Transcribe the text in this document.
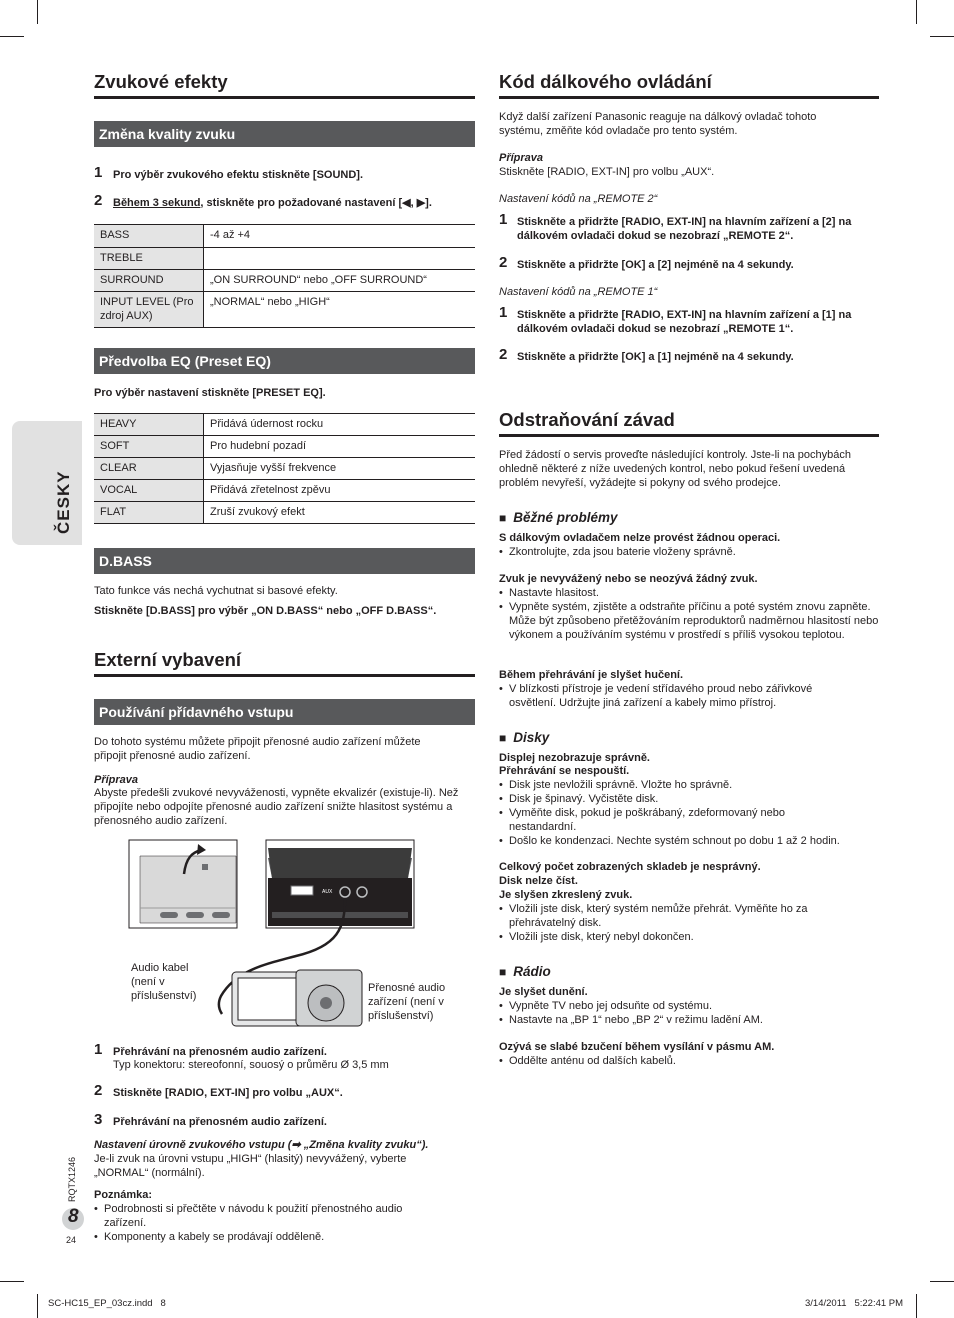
ČESKY
Zvukové efekty
Změna kvality zvuku
1 Pro výběr zvukového efektu stiskněte [SOUND].
2 Během 3 sekund, stiskněte pro požadované nastavení [◀, ▶].
BASS	-4 až +4
TREBLE	
SURROUND	„ON SURROUND“ nebo „OFF SURROUND“
INPUT LEVEL (Pro zdroj AUX)	„NORMAL“ nebo „HIGH“
Předvolba EQ (Preset EQ)
Pro výběr nastavení stiskněte [PRESET EQ].
HEAVY	Přidává údernost rocku
SOFT	Pro hudební pozadí
CLEAR	Vyjasňuje vyšší frekvence
VOCAL	Přidává zřetelnost zpěvu
FLAT	Zruší zvukový efekt
D.BASS
Tato funkce vás nechá vychutnat si basové efekty.
Stiskněte [D.BASS] pro výběr „ON D.BASS“ nebo „OFF D.BASS“.
Externí vybavení
Používání přídavného vstupu
Do tohoto systému můžete připojit přenosné audio zařízení můžete připojit přenosné audio zařízení.
Příprava
Abyste předešli zvukové nevyváženosti, vypněte ekvalizér (existuje-li). Než připojíte nebo odpojíte přenosné audio zařízení snižte hlasitost systému a přenosného audio zařízení.
AUX
Audio kabel (není v příslušenství)
Přenosné audio zařízení (není v příslušenství)
1 Přehrávání na přenosném audio zařízení.
Typ konektoru: stereofonní, souosý o průměru Ø 3,5 mm
2 Stiskněte [RADIO, EXT-IN] pro volbu „AUX“.
3 Přehrávání na přenosném audio zařízení.
Nastavení úrovně zvukového vstupu (➡ „Změna kvality zvuku“).
Je-li zvuk na úrovni vstupu „HIGH“ (hlasitý) nevyvážený, vyberte „NORMAL“ (normální).
Poznámka:
• Podrobnosti si přečtěte v návodu k použití přenostného audio zařízení.
• Komponenty a kabely se prodávají odděleně.
RQTX1246
8
24
SC-HC15_EP_03cz.indd   8	3/14/2011   5:22:41 PM
Kód dálkového ovládání
Když další zařízení Panasonic reaguje na dálkový ovladač tohoto systému, změňte kód ovladače pro tento systém.
Příprava
Stiskněte [RADIO, EXT-IN] pro volbu „AUX“.
Nastavení kódů na „REMOTE 2“
1 Stiskněte a přidržte [RADIO, EXT-IN] na hlavním zařízení a [2] na dálkovém ovladači dokud se nezobrazí „REMOTE 2“.
2 Stiskněte a přidržte [OK] a [2] nejméně na 4 sekundy.
Nastavení kódů na „REMOTE 1“
1 Stiskněte a přidržte [RADIO, EXT-IN] na hlavním zařízení a [1] na dálkovém ovladači dokud se nezobrazí „REMOTE 1“.
2 Stiskněte a přidržte [OK] a [1] nejméně na 4 sekundy.
Odstraňování závad
Před žádostí o servis proveďte následující kontroly. Jste-li na pochybách ohledně některé z níže uvedených kontrol, nebo pokud řešení uvedená problém nevyřeší, vyžádejte si pokyny od svého prodejce.
■ Běžné problémy
S dálkovým ovladačem nelze provést žádnou operaci.
• Zkontrolujte, zda jsou baterie vloženy správně.
Zvuk je nevyvážený nebo se neozývá žádný zvuk.
• Nastavte hlasitost.
• Vypněte systém, zjistěte a odstraňte příčinu a poté systém znovu zapněte. Může být způsobeno přetěžováním reproduktorů nadměrnou hlasitostí nebo výkonem a používáním systému v prostředí s příliš vysokou teplotou.
Během přehrávání je slyšet hučení.
• V blízkosti přístroje je vedení střídavého proud nebo zářivkové osvětlení. Udržujte jiná zařízení a kabely mimo přístroj.
■ Disky
Displej nezobrazuje správně.
Přehrávání se nespouští.
• Disk jste nevložili správně. Vložte ho správně.
• Disk je špinavý. Vyčistěte disk.
• Vyměňte disk, pokud je poškrábaný, zdeformovaný nebo nestandardní.
• Došlo ke kondenzaci. Nechte systém schnout po dobu 1 až 2 hodin.
Celkový počet zobrazených skladeb je nesprávný.
Disk nelze číst.
Je slyšen zkreslený zvuk.
• Vložili jste disk, který systém nemůže přehrát. Vyměňte ho za přehrávatelný disk.
• Vložili jste disk, který nebyl dokončen.
■ Rádio
Je slyšet dunění.
• Vypněte TV nebo jej odsuňte od systému.
• Nastavte na „BP 1“ nebo „BP 2“ v režimu ladění AM.
Ozývá se slabé bzučení během vysílání v pásmu AM.
• Oddělte anténu od dalších kabelů.
